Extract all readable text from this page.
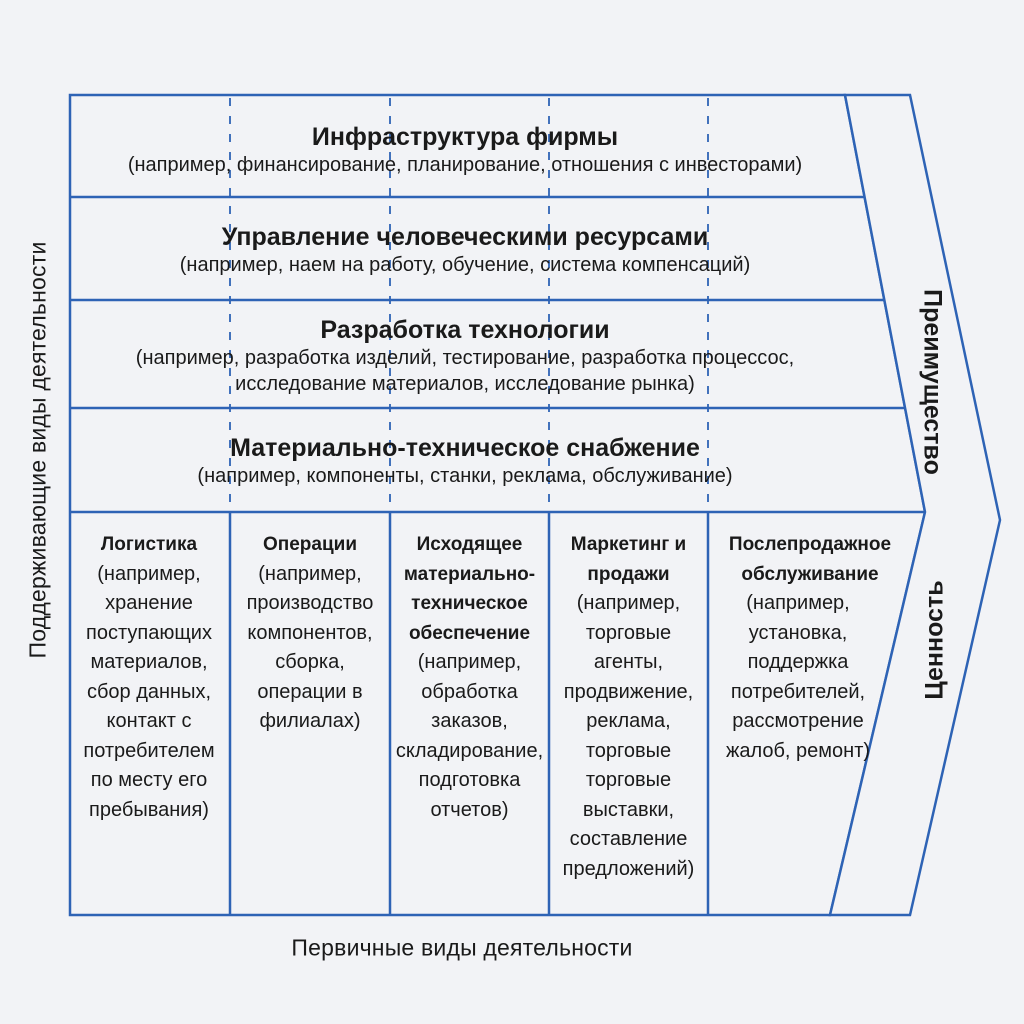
Поддерживающие виды деятельности
Первичные виды деятельности
Инфраструктура фирмы
(например, финансирование, планирование, отношения с инвесторами)
Управление человеческими ресурсами
(например, наем на работу, обучение, система компенсаций)
Разработка технологии
(например, разработка изделий, тестирование, разработка процессос, исследование материалов, исследование рынка)
Материально-техническое снабжение
(например, компоненты, станки, реклама, обслуживание)
Логистика
(например, хранение поступающих материалов, сбор данных, контакт с потребителем по месту его пребывания)
Операции
(например, производство компонентов, сборка, операции в филиалах)
Исходящее материально-техническое обеспечение
(например, обработка заказов, складирование, подготовка отчетов)
Маркетинг и продажи
(например, торговые агенты, продвижение, реклама, торговые торговые выставки, составление предложений)
Послепродажное обслуживание
(например, установка, поддержка потребителей, рассмотрение жалоб, ремонт)
Преимущество
Ценность
